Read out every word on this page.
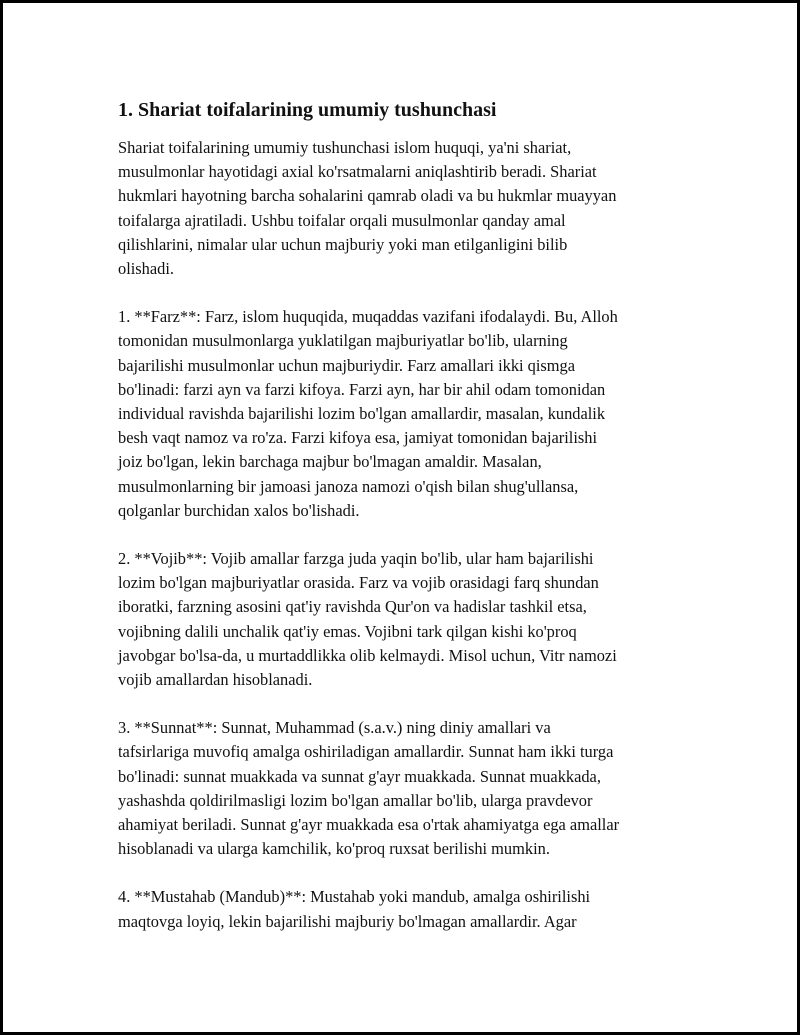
1. Shariat toifalarining umumiy tushunchasi

Shariat toifalarining umumiy tushunchasi islom huquqi, ya'ni shariat,
musulmonlar hayotidagi axial ko'rsatmalarni aniqlashtirib beradi. Shariat
hukmlari hayotning barcha sohalarini qamrab oladi va bu hukmlar muayyan
toifalarga ajratiladi. Ushbu toifalar orqali musulmonlar qanday amal
qilishlarini, nimalar ular uchun majburiy yoki man etilganligini bilib
olishadi.

1. **Farz**: Farz, islom huquqida, muqaddas vazifani ifodalaydi. Bu, Alloh
tomonidan musulmonlarga yuklatilgan majburiyatlar bo'lib, ularning
bajarilishi musulmonlar uchun majburiydir. Farz amallari ikki qismga
bo'linadi: farzi ayn va farzi kifoya. Farzi ayn, har bir ahil odam tomonidan
individual ravishda bajarilishi lozim bo'lgan amallardir, masalan, kundalik
besh vaqt namoz va ro'za. Farzi kifoya esa, jamiyat tomonidan bajarilishi
joiz bo'lgan, lekin barchaga majbur bo'lmagan amaldir. Masalan,
musulmonlarning bir jamoasi janoza namozi o'qish bilan shug'ullansa,
qolganlar burchidan xalos bo'lishadi.

2. **Vojib**: Vojib amallar farzga juda yaqin bo'lib, ular ham bajarilishi
lozim bo'lgan majburiyatlar orasida. Farz va vojib orasidagi farq shundan
iboratki, farzning asosini qat'iy ravishda Qur'on va hadislar tashkil etsa,
vojibning dalili unchalik qat'iy emas. Vojibni tark qilgan kishi ko'proq
javobgar bo'lsa-da, u murtaddlikka olib kelmaydi. Misol uchun, Vitr namozi
vojib amallardan hisoblanadi.

3. **Sunnat**: Sunnat, Muhammad (s.a.v.) ning diniy amallari va
tafsirlariga muvofiq amalga oshiriladigan amallardir. Sunnat ham ikki turga
bo'linadi: sunnat muakkada va sunnat g'ayr muakkada. Sunnat muakkada,
yashashda qoldirilmasligi lozim bo'lgan amallar bo'lib, ularga pravdevor
ahamiyat beriladi. Sunnat g'ayr muakkada esa o'rtak ahamiyatga ega amallar
hisoblanadi va ularga kamchilik, ko'proq ruxsat berilishi mumkin.

4. **Mustahab (Mandub)**: Mustahab yoki mandub, amalga oshirilishi
maqtovga loyiq, lekin bajarilishi majburiy bo'lmagan amallardir. Agar
